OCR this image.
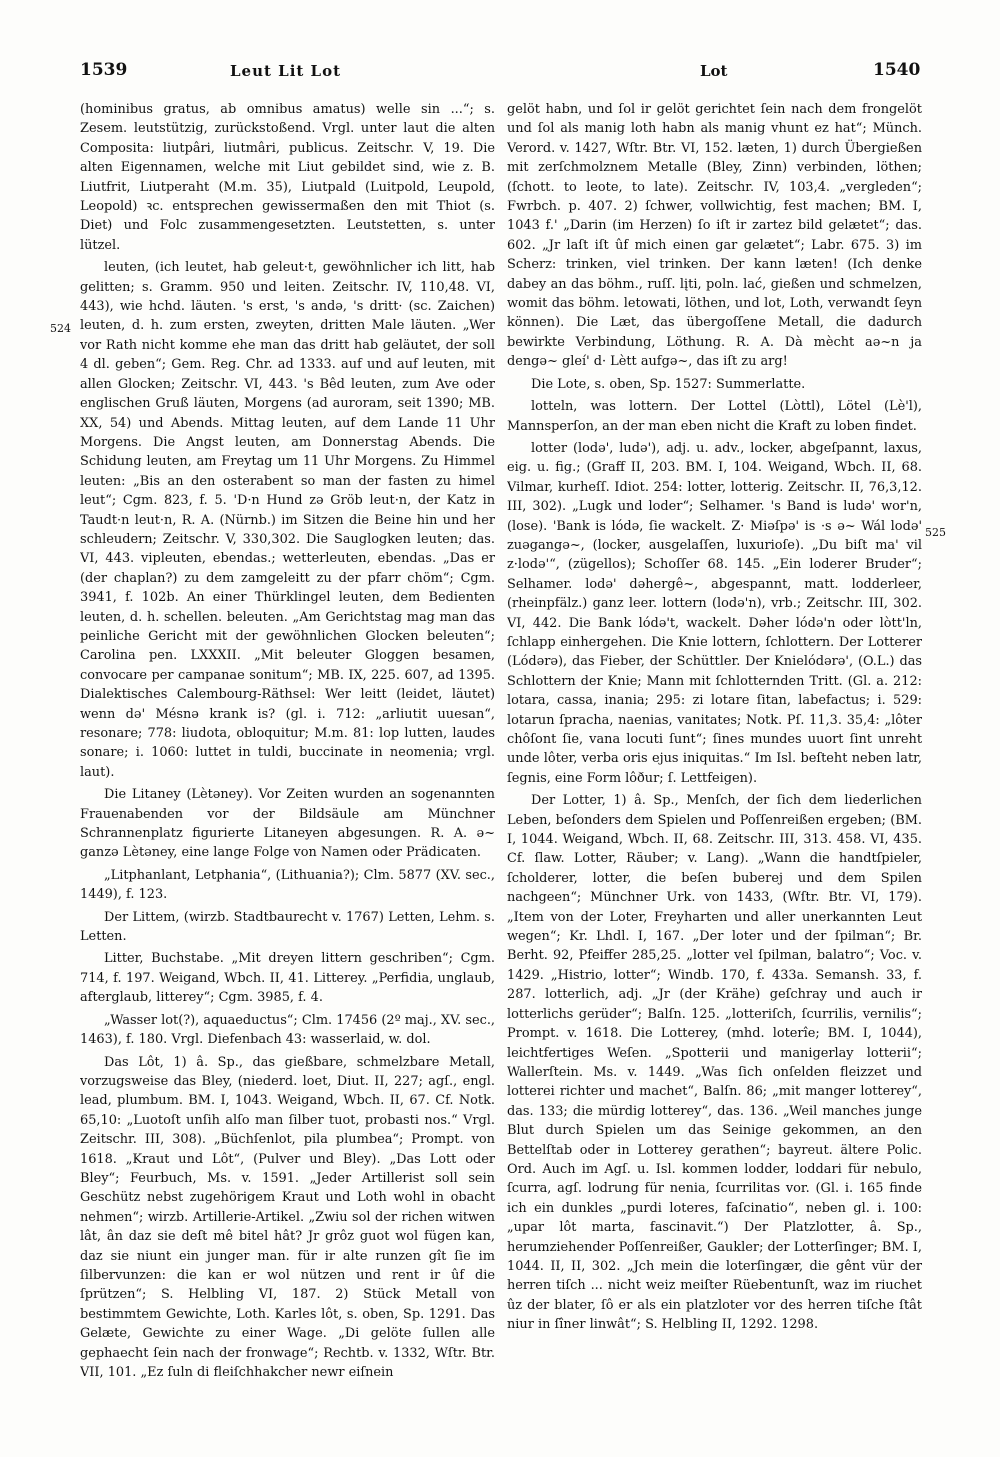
1539	Leut Lit Lot	Lot	1540
524
525

(hominibus gratus, ab omnibus amatus) welle sin ...“; s. Zesem. leutstützig, zurückstoßend. Vrgl. unter laut die alten Composita: liutpâri, liutmâri, publicus. Zeitschr. V, 19. Die alten Eigennamen, welche mit Liut gebildet sind, wie z. B. Liutfrit, Liutperaht (M.m. 35), Liutpald (Luitpold, Leupold, Leopold) ꝛc. entsprechen gewissermaßen den mit Thiot (s. Diet) und Folc zusammengesetzten. Leutstetten, s. unter lützel.

leuten, (ich leutet, hab geleut·t, gewöhnlicher ich litt, hab gelitten; s. Gramm. 950 und leiten. Zeitschr. IV, 110,48. VI, 443), wie hchd. läuten. 's erst, 's andə, 's dritt· (sc. Zaichen) leuten, d. h. zum ersten, zweyten, dritten Male läuten. „Wer vor Rath nicht komme ehe man das dritt hab geläutet, der soll 4 dl. geben“; Gem. Reg. Chr. ad 1333. auf und auf leuten, mit allen Glocken; Zeitschr. VI, 443. 's Bêd leuten, zum Ave oder englischen Gruß läuten, Morgens (ad auroram, seit 1390; MB. XX, 54) und Abends. Mittag leuten, auf dem Lande 11 Uhr Morgens. Die Angst leuten, am Donnerstag Abends. Die Schidung leuten, am Freytag um 11 Uhr Morgens. Zu Himmel leuten: „Bis an den osterabent so man der fasten zu himel leut“; Cgm. 823, f. 5. 'D·n Hund zə Gröb leut·n, der Katz in Taudt·n leut·n, R. A. (Nürnb.) im Sitzen die Beine hin und her schleudern; Zeitschr. V, 330,302. Die Sauglogken leuten; das. VI, 443. vipleuten, ebendas.; wetterleuten, ebendas. „Das er (der chaplan?) zu dem zamgeleitt zu der pfarr chöm“; Cgm. 3941, f. 102b. An einer Thürklingel leuten, dem Bedienten leuten, d. h. schellen. beleuten. „Am Gerichtstag mag man das peinliche Gericht mit der gewöhnlichen Glocken beleuten“; Carolina pen. LXXXII. „Mit beleuter Gloggen besamen, convocare per campanae sonitum“; MB. IX, 225. 607, ad 1395. Dialektisches Calembourg-Räthsel: Wer leitt (leidet, läutet) wenn də' Mésnə krank is? (gl. i. 712: „arliutit uuesan“, resonare; 778: liudota, obloquitur; M.m. 81: lop lutten, laudes sonare; i. 1060: luttet in tuldi, buccinate in neomenia; vrgl. laut).

Die Litaney (Lètəney). Vor Zeiten wurden an sogenannten Frauenabenden vor der Bildsäule am Münchner Schrannenplatz figurierte Litaneyen abgesungen. R. A. ə~ ganzə Lètəney, eine lange Folge von Namen oder Prädicaten.

„Litphanlant, Letphania“, (Lithuania?); Clm. 5877 (XV. sec., 1449), f. 123.

Der Littem, (wirzb. Stadtbaurecht v. 1767) Letten, Lehm. s. Letten.

Litter, Buchstabe. „Mit dreyen littern geschriben“; Cgm. 714, f. 197. Weigand, Wbch. II, 41. Litterey. „Perfidia, unglaub, afterglaub, litterey“; Cgm. 3985, f. 4.

„Wasser lot(?), aquaeductus“; Clm. 17456 (2º maj., XV. sec., 1463), f. 180. Vrgl. Diefenbach 43: wasserlaid, w. dol.

Das Lôt, 1) â. Sp., das gießbare, schmelzbare Metall, vorzugsweise das Bley, (niederd. loet, Diut. II, 227; agſ., engl. lead, plumbum. BM. I, 1043. Weigand, Wbch. II, 67. Cf. Notk. 65,10: „Luotoſt unſih alſo man ſilber tuot, probasti nos.“ Vrgl. Zeitschr. III, 308). „Büchſenlot, pila plumbea“; Prompt. von 1618. „Kraut und Lôt“, (Pulver und Bley). „Das Lott oder Bley“; Feurbuch, Ms. v. 1591. „Jeder Artillerist soll sein Geschütz nebst zugehörigem Kraut und Loth wohl in obacht nehmen“; wirzb. Artillerie-Artikel. „Zwiu sol der richen witwen lât, ân daz sie deſt mê bitel hât? Jr grôz guot wol fügen kan, daz sie niunt ein junger man. für ir alte runzen gît ſie im ſilbervunzen: die kan er wol nützen und rent ir ûf die ſprützen“; S. Helbling VI, 187. 2) Stück Metall von bestimmtem Gewichte, Loth. Karles lôt, s. oben, Sp. 1291. Das Gelæte, Gewichte zu einer Wage. „Di gelöte ſullen alle gephaecht ſein nach der fronwage“; Rechtb. v. 1332, Wſtr. Btr. VII, 101. „Ez ſuln di fleiſchhakcher newr eiſnein

gelöt habn, und ſol ir gelöt gerichtet ſein nach dem frongelöt und ſol als manig loth habn als manig vhunt ez hat“; Münch. Verord. v. 1427, Wſtr. Btr. VI, 152. læten, 1) durch Übergießen mit zerſchmolznem Metalle (Bley, Zinn) verbinden, löthen; (ſchott. to leote, to late). Zeitschr. IV, 103,4. „vergleden“; Fwrbch. p. 407. 2) ſchwer, vollwichtig, fest machen; BM. I, 1043 f.' „Darin (im Herzen) ſo iſt ir zartez bild gelætet“; das. 602. „Jr laſt iſt ûf mich einen gar gelætet“; Labr. 675. 3) im Scherz: trinken, viel trinken. Der kann læten! (Ich denke dabey an das böhm., ruſſ. lįti, poln. lać, gießen und schmelzen, womit das böhm. letowati, löthen, und lot, Loth, verwandt ſeyn können). Die Læt, das übergoſſene Metall, die dadurch bewirkte Verbindung, Löthung. R. A. Dà mècht aə~n ja dengə~ gleí' d· Lètt aufgə~, das iſt zu arg!

Die Lote, s. oben, Sp. 1527: Summerlatte.

lotteln, was lottern. Der Lottel (Lòttl), Lötel (Lè'l), Mannsperſon, an der man eben nicht die Kraft zu loben findet.

lotter (lodə', ludə'), adj. u. adv., locker, abgeſpannt, laxus, eig. u. fig.; (Graff II, 203. BM. I, 104. Weigand, Wbch. II, 68. Vilmar, kurheſſ. Idiot. 254: lotter, lotterig. Zeitschr. II, 76,3,12. III, 302). „Lugk und loder“; Selhamer. 's Band is ludə' wor'n, (lose). 'Bank is lódə, ſie wackelt. Z· Miəſpə' is ·s ə~ Wál lodə' zuəgangə~, (locker, ausgelaſſen, luxurioſe). „Du biſt ma' vil z·lodə'“, (zügellos); Schoſſer 68. 145. „Ein loderer Bruder“; Selhamer. lodə' dəhergê~, abgespannt, matt. lodderleer, (rheinpfälz.) ganz leer. lottern (lodə'n), vrb.; Zeitschr. III, 302. VI, 442. Die Bank lódə't, wackelt. Dəher lódə'n oder lòtt'ln, ſchlapp einhergehen. Die Knie lottern, ſchlottern. Der Lotterer (Lódərə), das Fieber, der Schüttler. Der Knielódərə', (O.L.) das Schlottern der Knie; Mann mit ſchlotternden Tritt. (Gl. a. 212: lotara, cassa, inania; 295: zi lotare ſitan, labefactus; i. 529: lotarun ſpracha, naenias, vanitates; Notk. Pſ. 11,3. 35,4: „lôter chôſont ſie, vana locuti ſunt“; ſines mundes uuort ſint unreht unde lôter, verba oris ejus iniquitas.“ Im Isl. beſteht neben latr, ſegnis, eine Form lôður; ſ. Lettfeigen).

Der Lotter, 1) â. Sp., Menſch, der ſich dem liederlichen Leben, beſonders dem Spielen und Poſſenreißen ergeben; (BM. I, 1044. Weigand, Wbch. II, 68. Zeitschr. III, 313. 458. VI, 435. Cf. ſlaw. Lotter, Räuber; v. Lang). „Wann die handtſpieler, ſcholderer, lotter, die beſen buberej und dem Spilen nachgeen“; Münchner Urk. von 1433, (Wſtr. Btr. VI, 179). „Item von der Loter, Freyharten und aller unerkannten Leut wegen“; Kr. Lhdl. I, 167. „Der loter und der ſpilman“; Br. Berht. 92, Pfeiffer 285,25. „lotter vel ſpilman, balatro“; Voc. v. 1429. „Histrio, lotter“; Windb. 170, f. 433a. Semansh. 33, f. 287. lotterlich, adj. „Jr (der Krähe) geſchray und auch ir lotterlichs gerüder“; Balſn. 125. „lotteriſch, ſcurrilis, vernilis“; Prompt. v. 1618. Die Lotterey, (mhd. loterîe; BM. I, 1044), leichtfertiges Weſen. „Spotterii und manigerlay lotterii“; Wallerſtein. Ms. v. 1449. „Was ſich onſelden fleizzet und lotterei richter und machet“, Balſn. 86; „mit manger lotterey“, das. 133; die mürdig lotterey“, das. 136. „Weil manches junge Blut durch Spielen um das Seinige gekommen, an den Bettelſtab oder in Lotterey gerathen“; bayreut. ältere Polic. Ord. Auch im Agſ. u. Isl. kommen lodder, loddari für nebulo, ſcurra, agſ. lodrung für nenia, ſcurrilitas vor. (Gl. i. 165 finde ich ein dunkles „purdi loteres, faſcinatio“, neben gl. i. 100: „upar lôt marta, fascinavit.“) Der Platzlotter, â. Sp., herumziehender Poſſenreißer, Gaukler; der Lotterſinger; BM. I, 1044. II, II, 302. „Jch mein die loterſingær, die gênt vür der herren tiſch ... nicht weiz meiſter Rüebentunſt, waz im riuchet ûz der blater, ſô er als ein platzloter vor des herren tiſche ſtât niur in ſîner linwât“; S. Helbling II, 1292. 1298.
